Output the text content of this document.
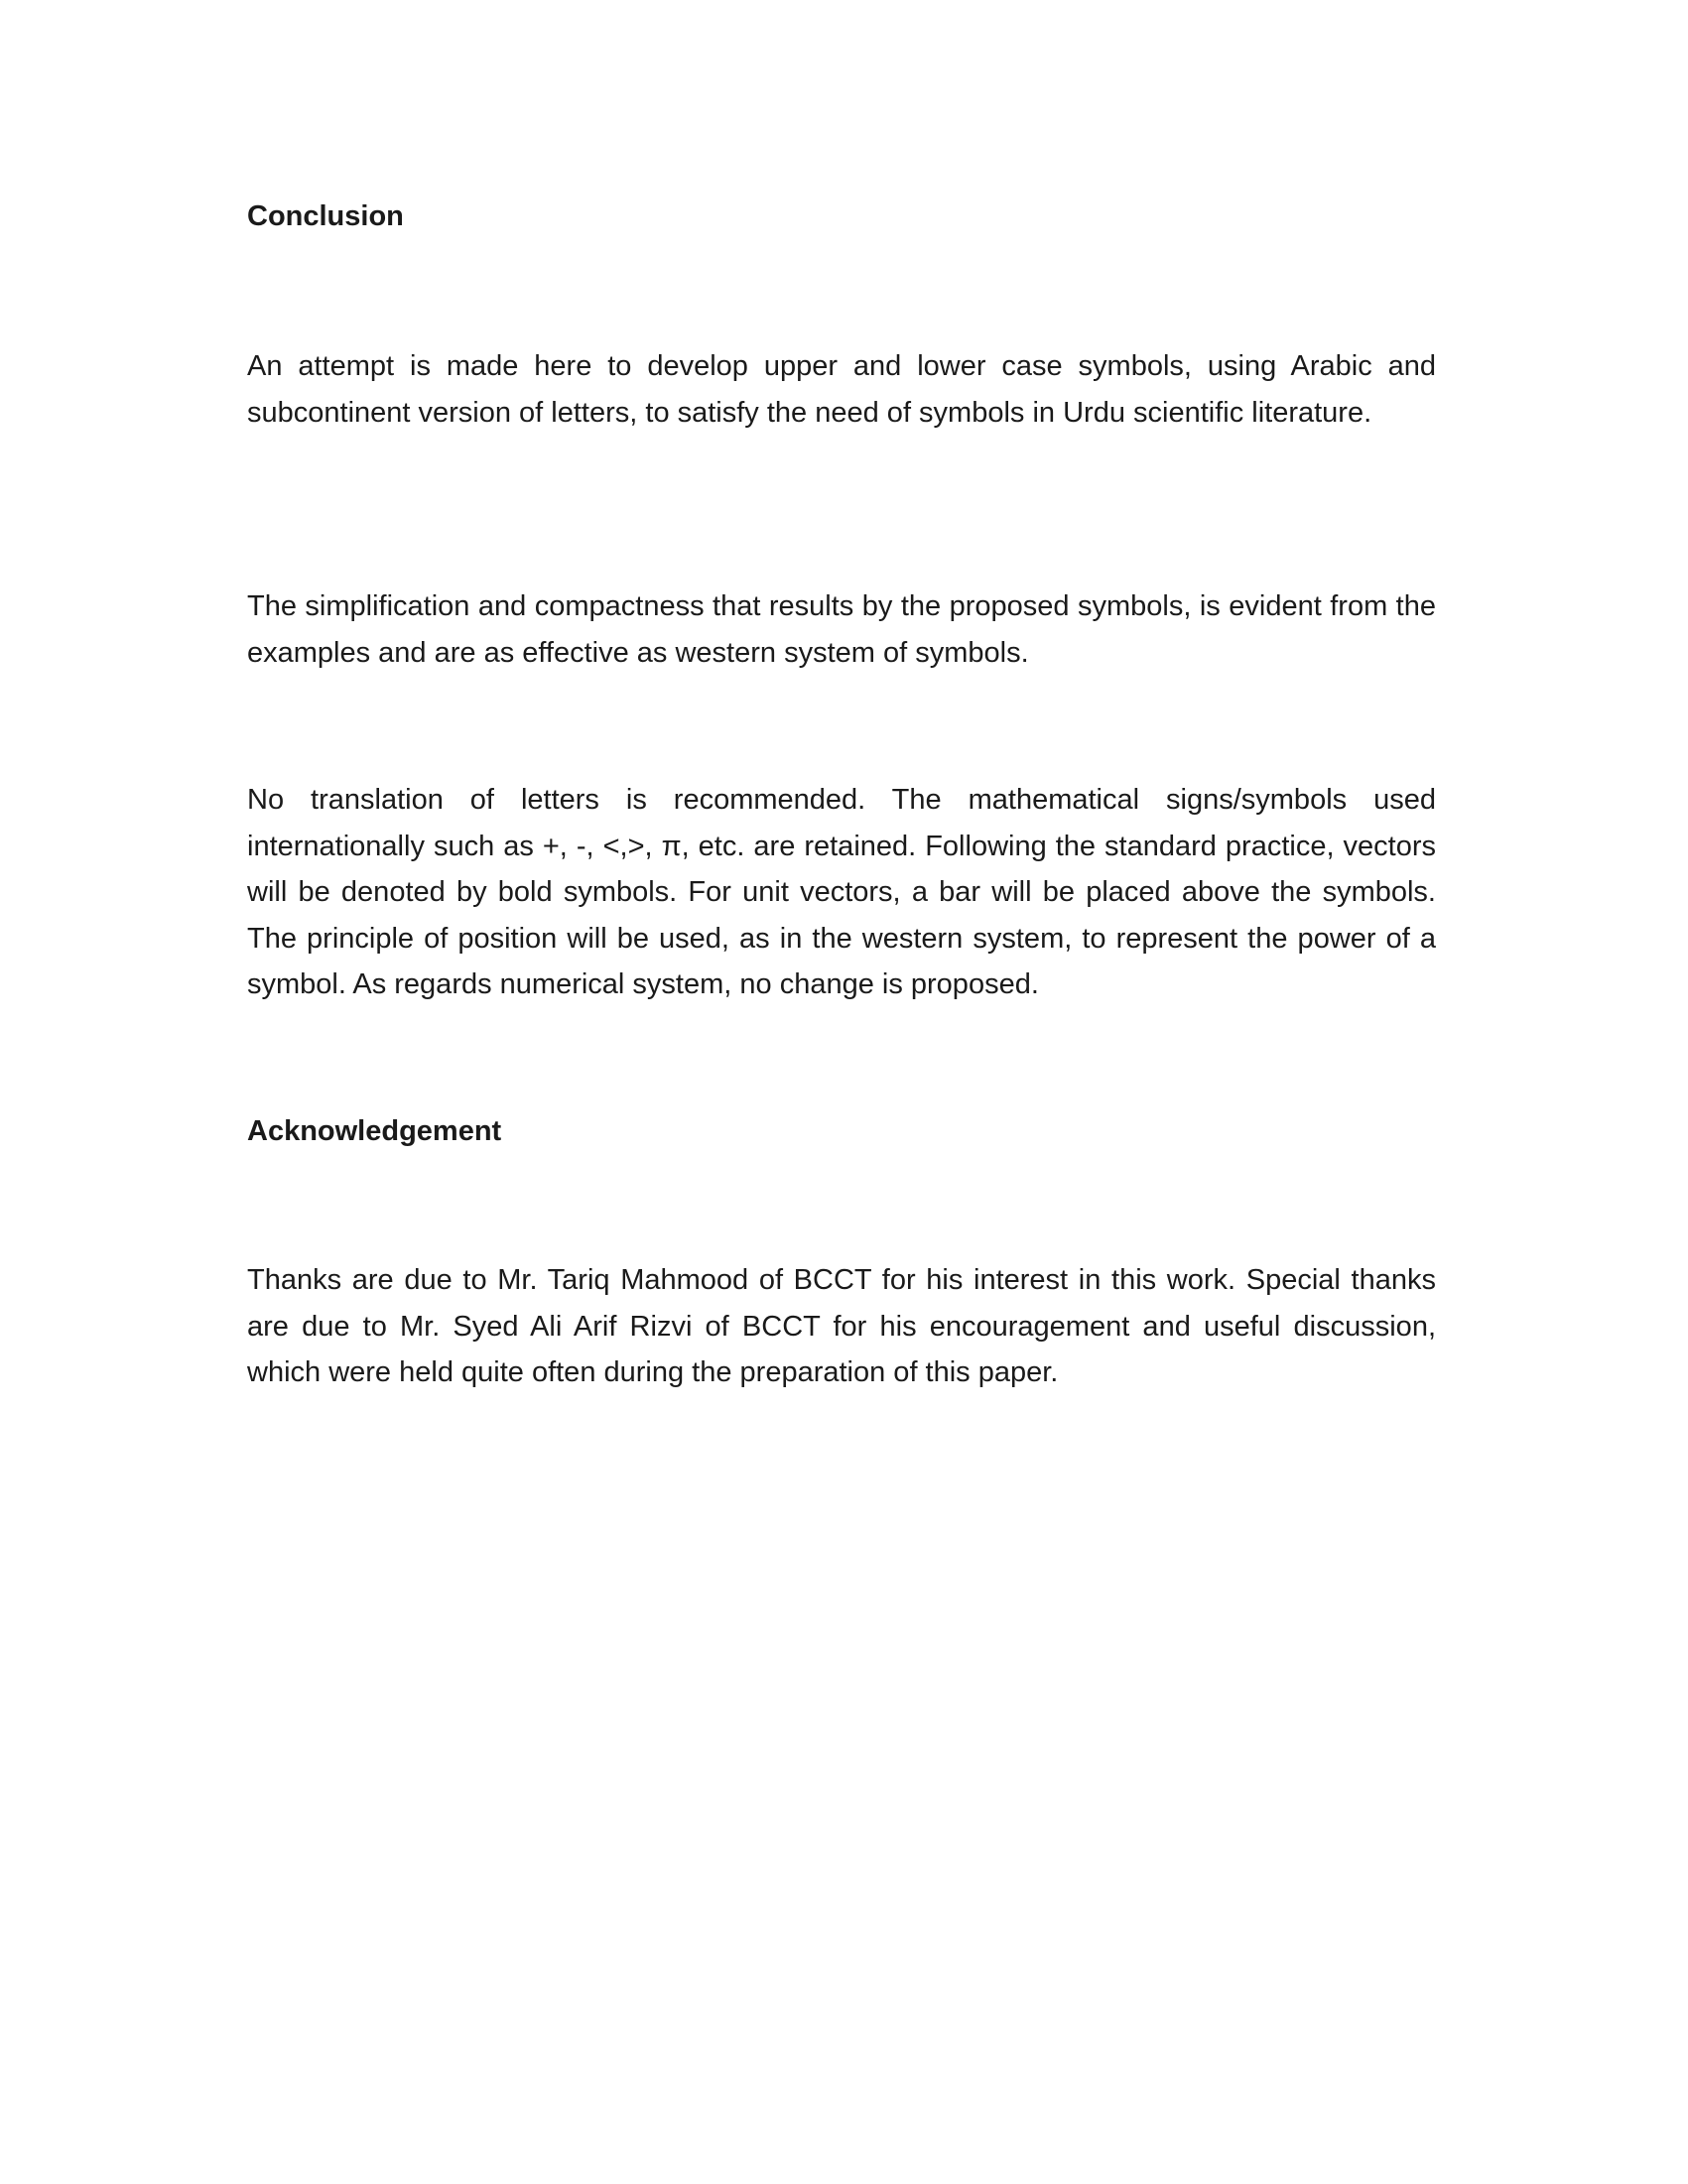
Conclusion

An attempt is made here to develop upper and lower case symbols, using Arabic and subcontinent version of letters, to satisfy the need of symbols in Urdu scientific literature.

The simplification and compactness that results by the proposed symbols, is evident from the examples and are as effective as western system of symbols.

No translation of letters is recommended. The mathematical signs/symbols used internationally such as +, -, <,>, π, etc. are retained. Following the standard practice, vectors will be denoted by bold symbols. For unit vectors, a bar will be placed above the symbols. The principle of position will be used, as in the western system, to represent the power of a symbol. As regards numerical system, no change is proposed.

Acknowledgement

Thanks are due to Mr. Tariq Mahmood of BCCT for his interest in this work. Special thanks are due to Mr. Syed Ali Arif Rizvi of BCCT for his encouragement and useful discussion, which were held quite often during the preparation of this paper.
